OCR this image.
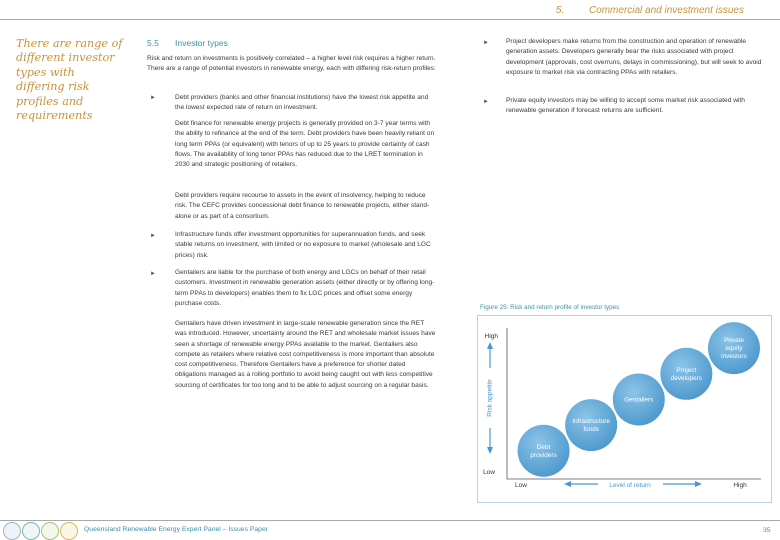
5. Commercial and investment issues
There are range of different investor types with differing risk profiles and requirements
5.5 Investor types
Risk and return on investments is positively correlated – a higher level risk requires a higher return. There are a range of potential investors in renewable energy, each with differing risk-return profiles:
►	Debt providers (banks and other financial institutions) have the lowest risk appetite and the lowest expected rate of return on investment.
Debt finance for renewable energy projects is generally provided on 3-7 year terms with the ability to refinance at the end of the term. Debt providers have been heavily reliant on long term PPAs (or equivalent) with tenors of up to 25 years to provide certainty of cash flows. The availability of long tenor PPAs has reduced due to the LRET termination in 2030 and strategic positioning of retailers.
Debt providers require recourse to assets in the event of insolvency, helping to reduce risk. The CEFC provides concessional debt finance to renewable projects, either stand-alone or as part of a consortium.
►	Infrastructure funds offer investment opportunities for superannuation funds, and seek stable returns on investment, with limited or no exposure to market (wholesale and LGC prices) risk.
►	Gentailers are liable for the purchase of both energy and LGCs on behalf of their retail customers. Investment in renewable generation assets (either directly or by offering long-term PPAs to developers) enables them to fix LGC prices and offset some energy purchase costs.
Gentailers have driven investment in large-scale renewable generation since the RET was introduced. However, uncertainty around the RET and wholesale market issues have seen a shortage of renewable energy PPAs available to the market. Gentailers also compete as retailers where relative cost competitiveness is more important than absolute cost competitiveness. Therefore Gentailers have a preference for shorter dated obligations managed as a rolling portfolio to avoid being caught out with less competitive sourcing of certificates for too long and to be able to adjust sourcing on a regular basis.
►	Project developers make returns from the construction and operation of renewable generation assets. Developers generally bear the risks associated with project development (approvals, cost overruns, delays in commissioning), but will seek to avoid exposure to market risk via contracting PPAs with retailers.
►	Private equity investors may be willing to accept some market risk associated with renewable generation if forecast returns are sufficient.
Figure 25: Risk and return profile of investor types
High
Low
Low	High
Risk appetite
Level of return
Debt
providers
Infrastructure
funds
Gentailers
Project
developers
Private
equity
investors
Queensland Renewable Energy Expert Panel – Issues Paper	35
